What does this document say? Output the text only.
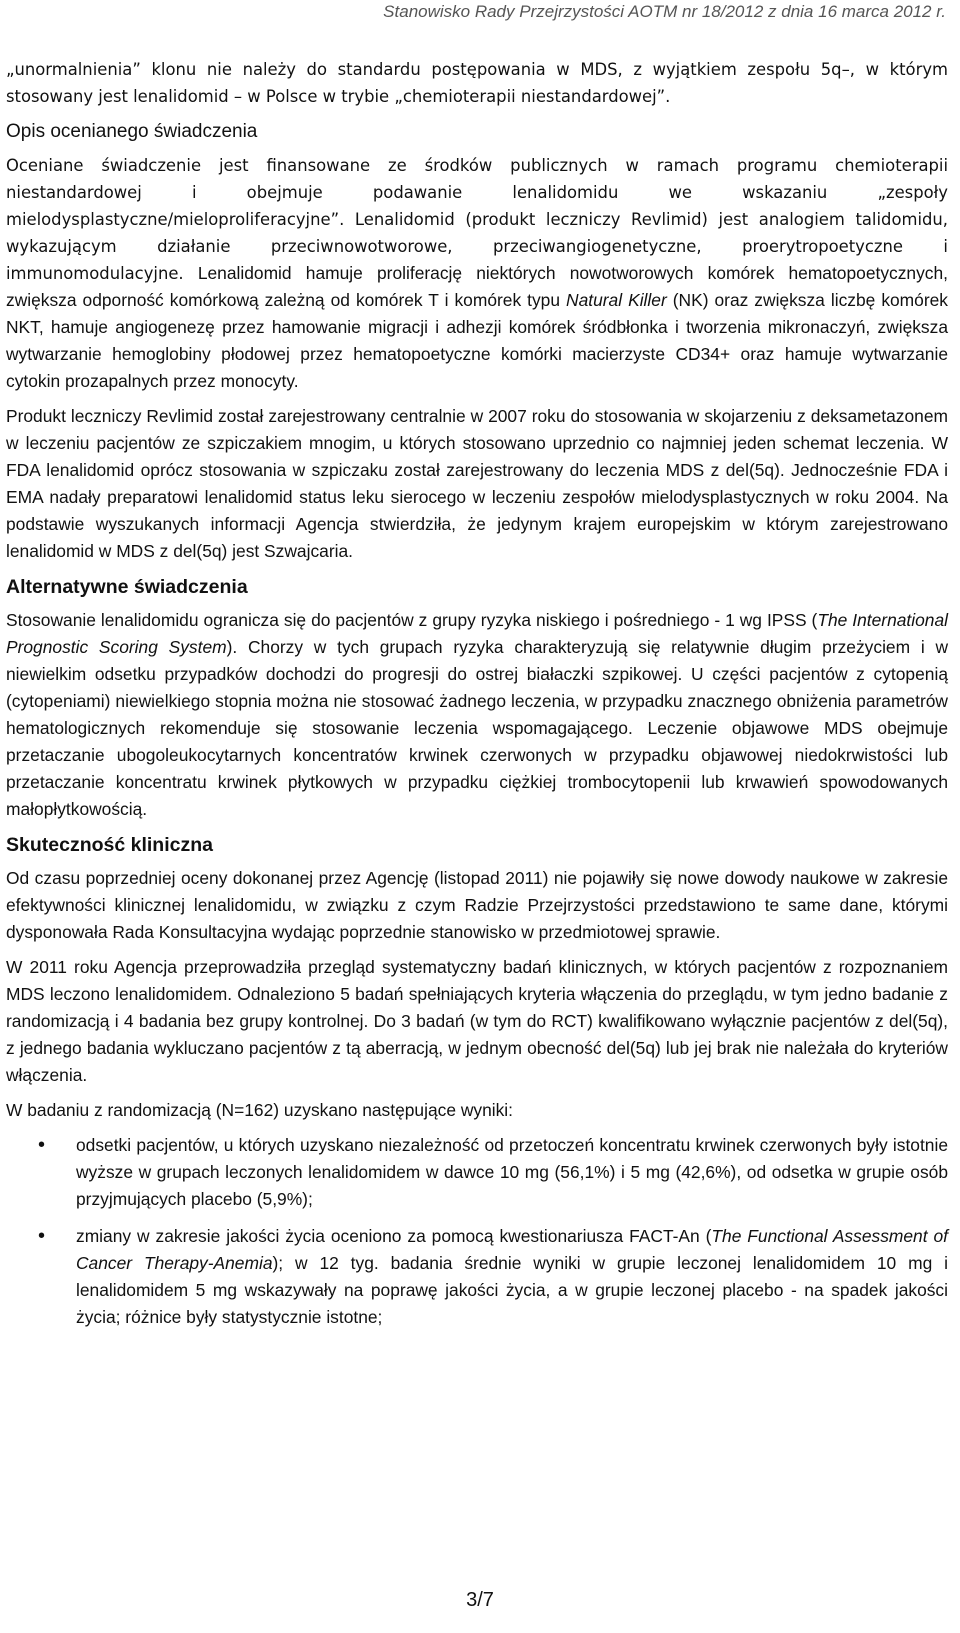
Stanowisko Rady Przejrzystości AOTM nr 18/2012 z dnia 16 marca 2012 r.

„unormalnienia” klonu nie należy do standardu postępowania w MDS, z wyjątkiem zespołu 5q–, w którym stosowany jest lenalidomid – w Polsce w trybie „chemioterapii niestandardowej”.

Opis ocenianego świadczenia

Oceniane świadczenie jest finansowane ze środków publicznych w ramach programu chemioterapii niestandardowej i obejmuje podawanie lenalidomidu we wskazaniu „zespoły mielodysplastyczne/mieloproliferacyjne”. Lenalidomid (produkt leczniczy Revlimid) jest analogiem talidomidu, wykazującym działanie przeciwnowotworowe, przeciwangiogenetyczne, proerytropoetyczne i immunomodulacyjne. Lenalidomid hamuje proliferację niektórych nowotworowych komórek hematopoetycznych, zwiększa odporność komórkową zależną od komórek T i komórek typu Natural Killer (NK) oraz zwiększa liczbę komórek NKT, hamuje angiogenezę przez hamowanie migracji i adhezji komórek śródbłonka i tworzenia mikronaczyń, zwiększa wytwarzanie hemoglobiny płodowej przez hematopoetyczne komórki macierzyste CD34+ oraz hamuje wytwarzanie cytokin prozapalnych przez monocyty.

Produkt leczniczy Revlimid został zarejestrowany centralnie w 2007 roku do stosowania w skojarzeniu z deksametazonem w leczeniu pacjentów ze szpiczakiem mnogim, u których stosowano uprzednio co najmniej jeden schemat leczenia. W FDA lenalidomid oprócz stosowania w szpiczaku został zarejestrowany do leczenia MDS z del(5q). Jednocześnie FDA i EMA nadały preparatowi lenalidomid status leku sierocego w leczeniu zespołów mielodysplastycznych w roku 2004. Na podstawie wyszukanych informacji Agencja stwierdziła, że jedynym krajem europejskim w którym zarejestrowano lenalidomid w MDS z del(5q) jest Szwajcaria.

Alternatywne świadczenia

Stosowanie lenalidomidu ogranicza się do pacjentów z grupy ryzyka niskiego i pośredniego - 1 wg IPSS (The International Prognostic Scoring System). Chorzy w tych grupach ryzyka charakteryzują się relatywnie długim przeżyciem i w niewielkim odsetku przypadków dochodzi do progresji do ostrej białaczki szpikowej. U części pacjentów z cytopenią (cytopeniami) niewielkiego stopnia można nie stosować żadnego leczenia, w przypadku znacznego obniżenia parametrów hematologicznych rekomenduje się stosowanie leczenia wspomagającego. Leczenie objawowe MDS obejmuje przetaczanie ubogoleukocytarnych koncentratów krwinek czerwonych w przypadku objawowej niedokrwistości lub przetaczanie koncentratu krwinek płytkowych w przypadku ciężkiej trombocytopenii lub krwawień spowodowanych małopłytkowością.

Skuteczność kliniczna

Od czasu poprzedniej oceny dokonanej przez Agencję (listopad 2011) nie pojawiły się nowe dowody naukowe w zakresie efektywności klinicznej lenalidomidu, w związku z czym Radzie Przejrzystości przedstawiono te same dane, którymi dysponowała Rada Konsultacyjna wydając poprzednie stanowisko w przedmiotowej sprawie.

W 2011 roku Agencja przeprowadziła przegląd systematyczny badań klinicznych, w których pacjentów z rozpoznaniem MDS leczono lenalidomidem. Odnaleziono 5 badań spełniających kryteria włączenia do przeglądu, w tym jedno badanie z randomizacją i 4 badania bez grupy kontrolnej. Do 3 badań (w tym do RCT) kwalifikowano wyłącznie pacjentów z del(5q), z jednego badania wykluczano pacjentów z tą aberracją, w jednym obecność del(5q) lub jej brak nie należała do kryteriów włączenia.

W badaniu z randomizacją (N=162) uzyskano następujące wyniki:

• odsetki pacjentów, u których uzyskano niezależność od przetoczeń koncentratu krwinek czerwonych były istotnie wyższe w grupach leczonych lenalidomidem w dawce 10 mg (56,1%) i 5 mg (42,6%), od odsetka w grupie osób przyjmujących placebo (5,9%);
• zmiany w zakresie jakości życia oceniono za pomocą kwestionariusza FACT-An (The Functional Assessment of Cancer Therapy-Anemia); w 12 tyg. badania średnie wyniki w grupie leczonej lenalidomidem 10 mg i lenalidomidem 5 mg wskazywały na poprawę jakości życia, a w grupie leczonej placebo - na spadek jakości życia; różnice były statystycznie istotne;
3/7
